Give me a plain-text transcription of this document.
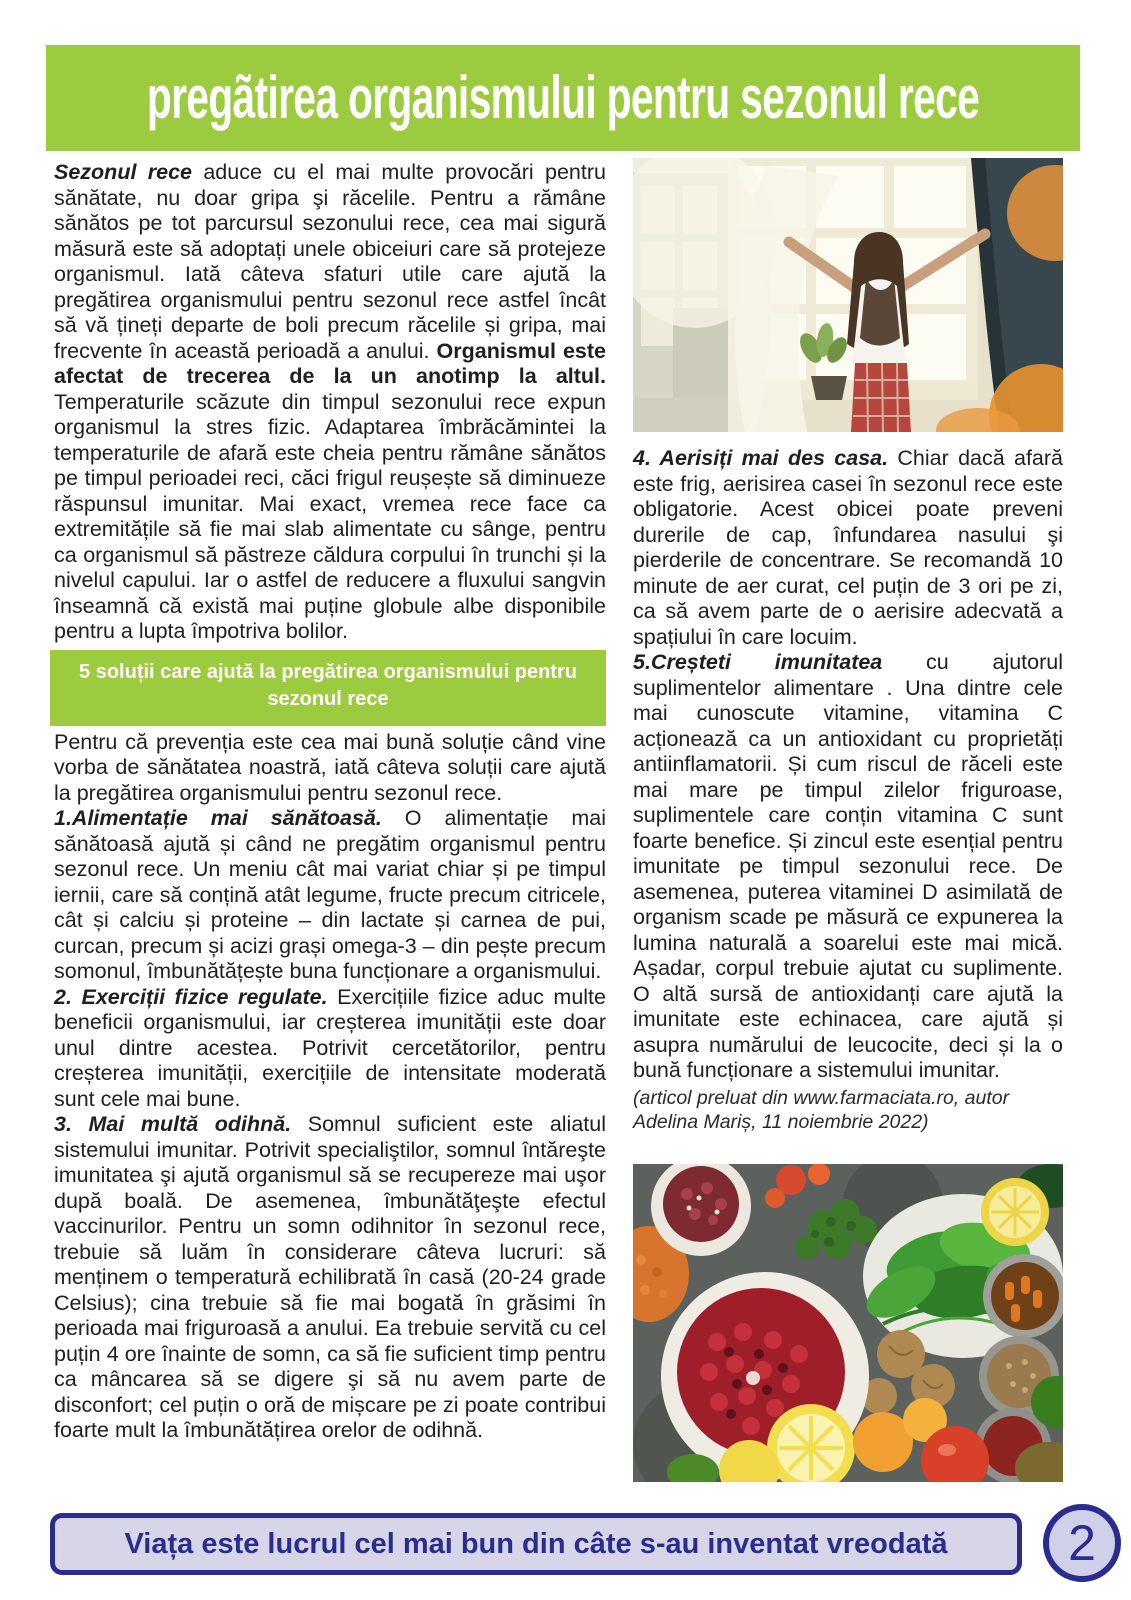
pregãtirea organismului pentru sezonul rece

Sezonul rece aduce cu el mai multe provocări pentru sănătate, nu doar gripa şi răcelile. Pentru a rămâne sănătos pe tot parcursul sezonului rece, cea mai sigură măsură este să adoptați unele obiceiuri care să protejeze organismul. Iată câteva sfaturi utile care ajută la pregătirea organismului pentru sezonul rece astfel încât să vă țineți departe de boli precum răcelile și gripa, mai frecvente în această perioadă a anului. Organismul este afectat de trecerea de la un anotimp la altul. Temperaturile scăzute din timpul sezonului rece expun organismul la stres fizic. Adaptarea îmbrăcămintei la temperaturile de afară este cheia pentru rămâne sănătos pe timpul perioadei reci, căci frigul reușește să diminueze răspunsul imunitar. Mai exact, vremea rece face ca extremitățile să fie mai slab alimentate cu sânge, pentru ca organismul să păstreze căldura corpului în trunchi și la nivelul capului. Iar o astfel de reducere a fluxului sangvin înseamnă că există mai puține globule albe disponibile pentru a lupta împotriva bolilor.

5 soluții care ajută la pregătirea organismului pentru sezonul rece

Pentru că prevenția este cea mai bună soluție când vine vorba de sănătatea noastră, iată câteva soluții care ajută la pregătirea organismului pentru sezonul rece.

1.Alimentație mai sănătoasă. O alimentație mai sănătoasă ajută și când ne pregătim organismul pentru sezonul rece. Un meniu cât mai variat chiar și pe timpul iernii, care să conțină atât legume, fructe precum citricele, cât și calciu și proteine – din lactate și carnea de pui, curcan, precum și acizi grași omega-3 – din pește precum somonul, îmbunătățește buna funcționare a organismului.

2. Exerciții fizice regulate. Exercițiile fizice aduc multe beneficii organismului, iar creșterea imunității este doar unul dintre acestea. Potrivit cercetătorilor, pentru creșterea imunității, exercițiile de intensitate moderată sunt cele mai bune.

3. Mai multă odihnă. Somnul suficient este aliatul sistemului imunitar. Potrivit specialiştilor, somnul întăreşte imunitatea şi ajută organismul să se recupereze mai uşor după boală. De asemenea, îmbunătăţeşte efectul vaccinurilor. Pentru un somn odihnitor în sezonul rece, trebuie să luăm în considerare câteva lucruri: să menținem o temperatură echilibrată în casă (20-24 grade Celsius); cina trebuie să fie mai bogată în grăsimi în perioada mai friguroasă a anului. Ea trebuie servită cu cel puțin 4 ore înainte de somn, ca să fie suficient timp pentru ca mâncarea să se digere şi să nu avem parte de disconfort; cel puțin o oră de mișcare pe zi poate contribui foarte mult la îmbunătățirea orelor de odihnă.

4. Aerisiți mai des casa. Chiar dacă afară este frig, aerisirea casei în sezonul rece este obligatorie. Acest obicei poate preveni durerile de cap, înfundarea nasului şi pierderile de concentrare. Se recomandă 10 minute de aer curat, cel puțin de 3 ori pe zi, ca să avem parte de o aerisire adecvată a spațiului în care locuim.

5.Creșteti imunitatea cu ajutorul suplimentelor alimentare . Una dintre cele mai cunoscute vitamine, vitamina C acționează ca un antioxidant cu proprietăți antiinflamatorii. Și cum riscul de răceli este mai mare pe timpul zilelor friguroase, suplimentele care conțin vitamina C sunt foarte benefice. Și zincul este esențial pentru imunitate pe timpul sezonului rece. De asemenea, puterea vitaminei D asimilată de organism scade pe măsură ce expunerea la lumina naturală a soarelui este mai mică. Așadar, corpul trebuie ajutat cu suplimente. O altă sursă de antioxidanți care ajută la imunitate este echinacea, care ajută și asupra numărului de leucocite, deci și la o bună funcționare a sistemului imunitar.

(articol preluat din www.farmaciata.ro, autor Adelina Mariș, 11 noiembrie 2022)

Viața este lucrul cel mai bun din câte s-au inventat vreodată 2
